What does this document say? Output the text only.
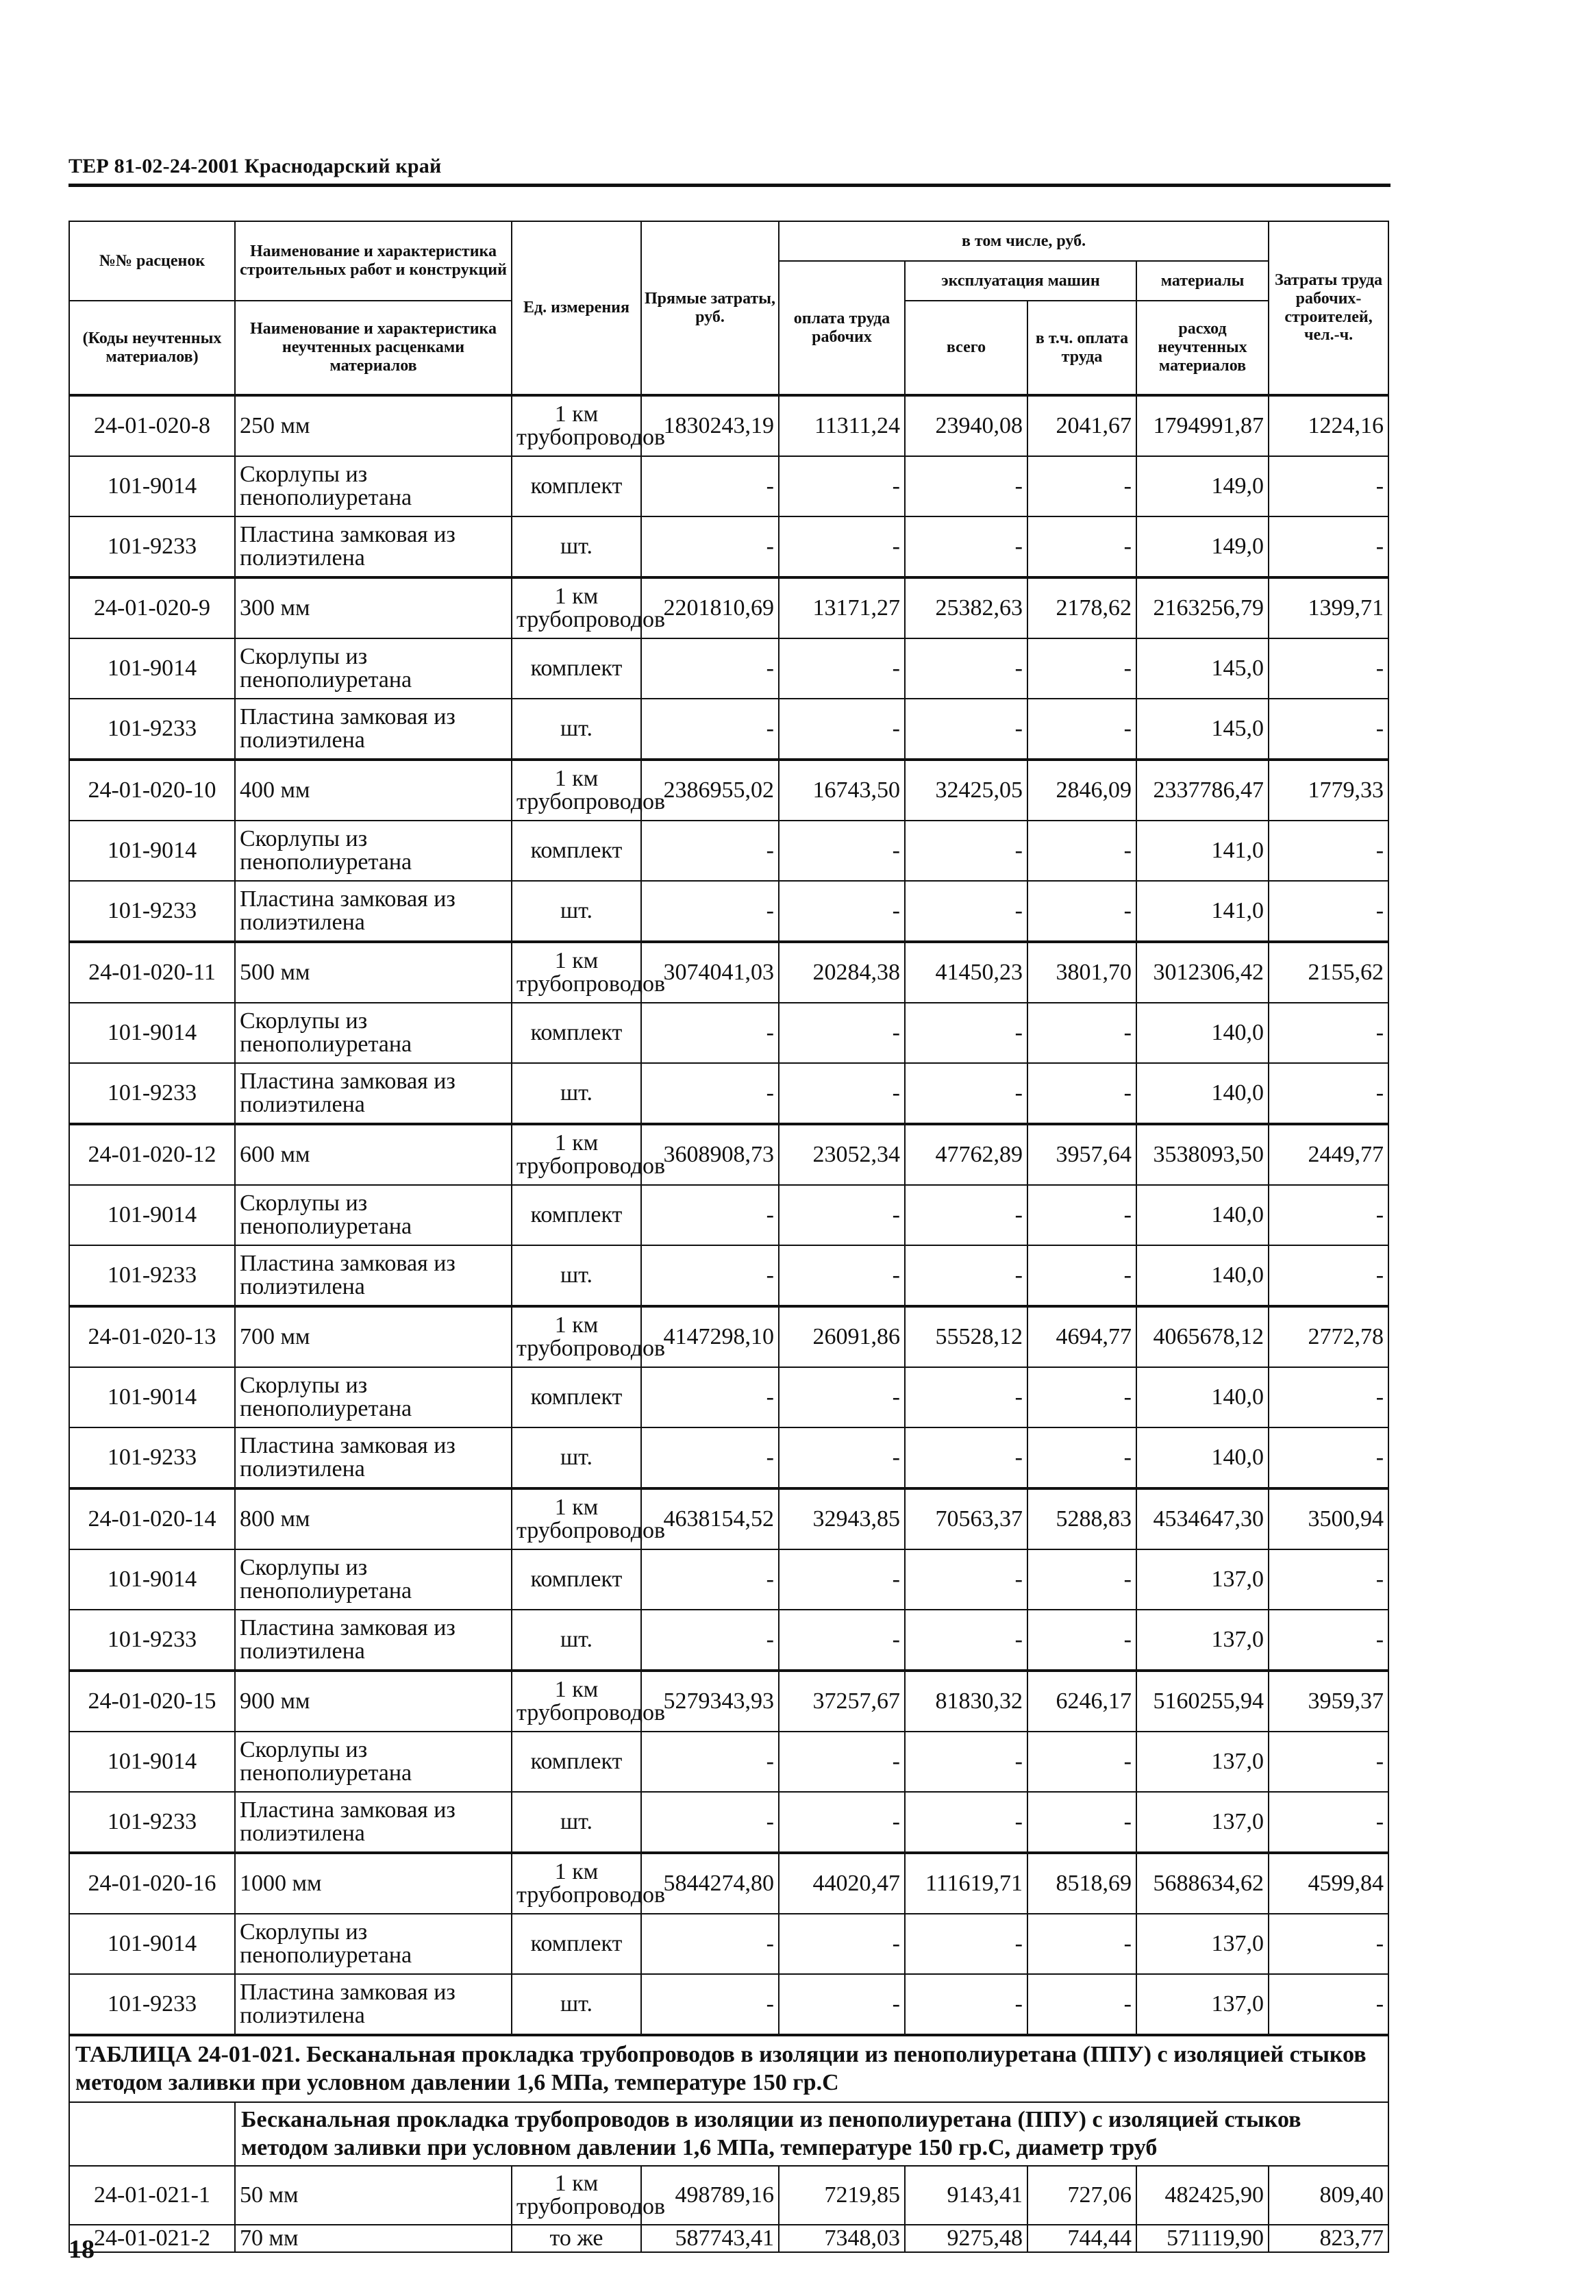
ТЕР 81-02-24-2001 Краснодарский край
№№ расценок	Наименование и характеристика строительных работ и конструкций	Ед. измерения	Прямые затраты, руб.	в том числе, руб.				Затраты труда рабочих-строителей, чел.-ч.
				оплата труда рабочих	эксплуатация машин		материалы	
(Коды неучтенных материалов)	Наименование и характеристика неучтенных расценками материалов				всего	в т.ч. оплата труда	расход неучтенных материалов	

24-01-020-8	250 мм	1 км трубопроводов	1830243,19	11311,24	23940,08	2041,67	1794991,87	1224,16
101-9014	Скорлупы из пенополиуретана	комплект	-	-	-	-	149,0	-
101-9233	Пластина замковая из полиэтилена	шт.	-	-	-	-	149,0	-
24-01-020-9	300 мм	1 км трубопроводов	2201810,69	13171,27	25382,63	2178,62	2163256,79	1399,71
101-9014	Скорлупы из пенополиуретана	комплект	-	-	-	-	145,0	-
101-9233	Пластина замковая из полиэтилена	шт.	-	-	-	-	145,0	-
24-01-020-10	400 мм	1 км трубопроводов	2386955,02	16743,50	32425,05	2846,09	2337786,47	1779,33
101-9014	Скорлупы из пенополиуретана	комплект	-	-	-	-	141,0	-
101-9233	Пластина замковая из полиэтилена	шт.	-	-	-	-	141,0	-
24-01-020-11	500 мм	1 км трубопроводов	3074041,03	20284,38	41450,23	3801,70	3012306,42	2155,62
101-9014	Скорлупы из пенополиуретана	комплект	-	-	-	-	140,0	-
101-9233	Пластина замковая из полиэтилена	шт.	-	-	-	-	140,0	-
24-01-020-12	600 мм	1 км трубопроводов	3608908,73	23052,34	47762,89	3957,64	3538093,50	2449,77
101-9014	Скорлупы из пенополиуретана	комплект	-	-	-	-	140,0	-
101-9233	Пластина замковая из полиэтилена	шт.	-	-	-	-	140,0	-
24-01-020-13	700 мм	1 км трубопроводов	4147298,10	26091,86	55528,12	4694,77	4065678,12	2772,78
101-9014	Скорлупы из пенополиуретана	комплект	-	-	-	-	140,0	-
101-9233	Пластина замковая из полиэтилена	шт.	-	-	-	-	140,0	-
24-01-020-14	800 мм	1 км трубопроводов	4638154,52	32943,85	70563,37	5288,83	4534647,30	3500,94
101-9014	Скорлупы из пенополиуретана	комплект	-	-	-	-	137,0	-
101-9233	Пластина замковая из полиэтилена	шт.	-	-	-	-	137,0	-
24-01-020-15	900 мм	1 км трубопроводов	5279343,93	37257,67	81830,32	6246,17	5160255,94	3959,37
101-9014	Скорлупы из пенополиуретана	комплект	-	-	-	-	137,0	-
101-9233	Пластина замковая из полиэтилена	шт.	-	-	-	-	137,0	-
24-01-020-16	1000 мм	1 км трубопроводов	5844274,80	44020,47	111619,71	8518,69	5688634,62	4599,84
101-9014	Скорлупы из пенополиуретана	комплект	-	-	-	-	137,0	-
101-9233	Пластина замковая из полиэтилена	шт.	-	-	-	-	137,0	-
ТАБЛИЦА 24-01-021. Бесканальная прокладка трубопроводов в изоляции из пенополиуретана (ППУ) с изоляцией стыков методом заливки при условном давлении 1,6 МПа, температуре 150 гр.С								
	Бесканальная прокладка трубопроводов в изоляции из пенополиуретана (ППУ) с изоляцией стыков методом заливки при условном давлении 1,6 МПа, температуре 150 гр.С, диаметр труб							
24-01-021-1	50 мм	1 км трубопроводов	498789,16	7219,85	9143,41	727,06	482425,90	809,40
24-01-021-2	70 мм	то же	587743,41	7348,03	9275,48	744,44	571119,90	823,77
18
